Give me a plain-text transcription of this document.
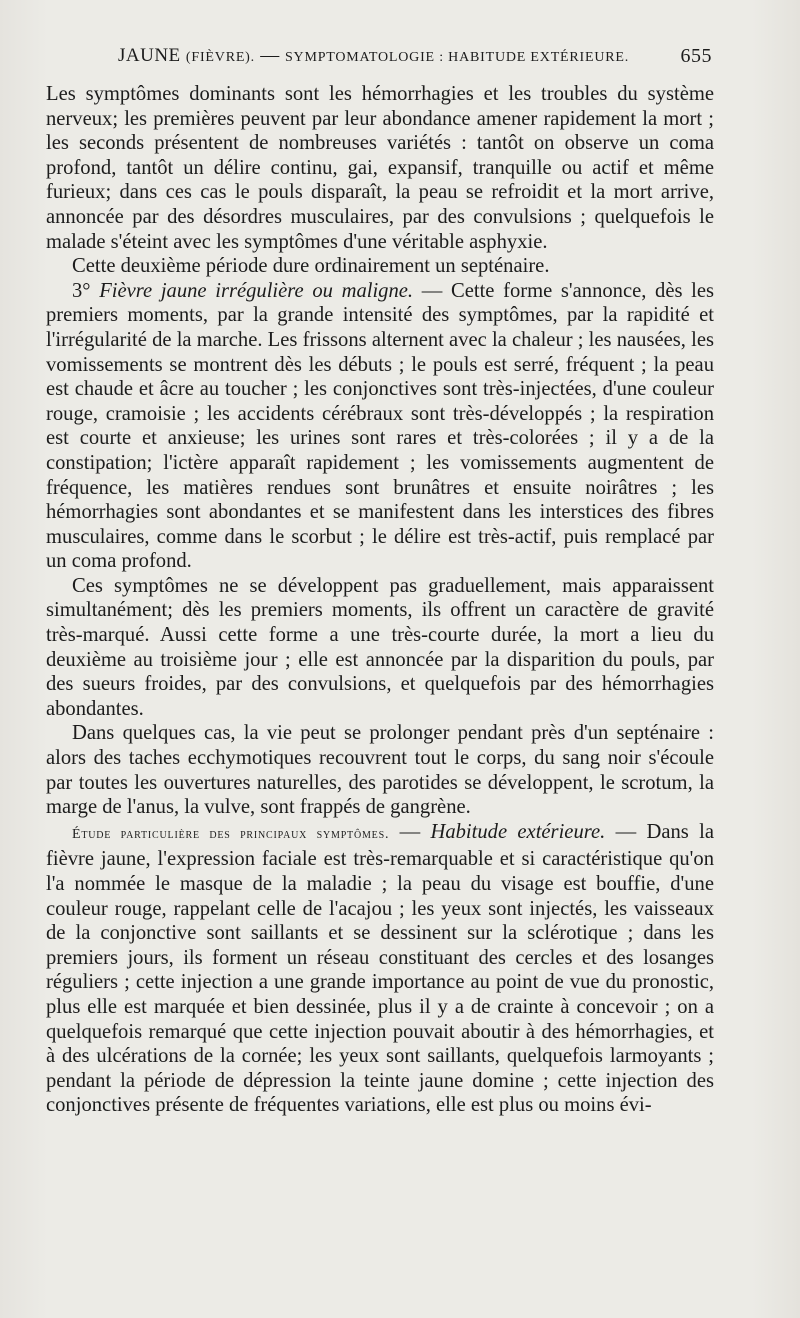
JAUNE (FIÈVRE). — SYMPTOMATOLOGIE : HABITUDE EXTÉRIEURE.	655

Les symptômes dominants sont les hémorrhagies et les troubles du système nerveux; les premières peuvent par leur abondance amener rapidement la mort ; les seconds présentent de nombreuses variétés : tantôt on observe un coma profond, tantôt un délire continu, gai, expansif, tranquille ou actif et même furieux; dans ces cas le pouls disparaît, la peau se refroidit et la mort arrive, annoncée par des désordres musculaires, par des convulsions ; quelquefois le malade s'éteint avec les symptômes d'une véritable asphyxie.

Cette deuxième période dure ordinairement un septénaire.

3° Fièvre jaune irrégulière ou maligne. — Cette forme s'annonce, dès les premiers moments, par la grande intensité des symptômes, par la rapidité et l'irrégularité de la marche. Les frissons alternent avec la chaleur ; les nausées, les vomissements se montrent dès les débuts ; le pouls est serré, fréquent ; la peau est chaude et âcre au toucher ; les conjonctives sont très-injectées, d'une couleur rouge, cramoisie ; les accidents cérébraux sont très-développés ; la respiration est courte et anxieuse; les urines sont rares et très-colorées ; il y a de la constipation; l'ictère apparaît rapidement ; les vomissements augmentent de fréquence, les matières rendues sont brunâtres et ensuite noirâtres ; les hémorrhagies sont abondantes et se manifestent dans les interstices des fibres musculaires, comme dans le scorbut ; le délire est très-actif, puis remplacé par un coma profond.

Ces symptômes ne se développent pas graduellement, mais apparaissent simultanément; dès les premiers moments, ils offrent un caractère de gravité très-marqué. Aussi cette forme a une très-courte durée, la mort a lieu du deuxième au troisième jour ; elle est annoncée par la disparition du pouls, par des sueurs froides, par des convulsions, et quelquefois par des hémorrhagies abondantes.

Dans quelques cas, la vie peut se prolonger pendant près d'un septénaire : alors des taches ecchymotiques recouvrent tout le corps, du sang noir s'écoule par toutes les ouvertures naturelles, des parotides se développent, le scrotum, la marge de l'anus, la vulve, sont frappés de gangrène.

Étude particulière des principaux symptômes. — Habitude extérieure. — Dans la fièvre jaune, l'expression faciale est très-remarquable et si caractéristique qu'on l'a nommée le masque de la maladie ; la peau du visage est bouffie, d'une couleur rouge, rappelant celle de l'acajou ; les yeux sont injectés, les vaisseaux de la conjonctive sont saillants et se dessinent sur la sclérotique ; dans les premiers jours, ils forment un réseau constituant des cercles et des losanges réguliers ; cette injection a une grande importance au point de vue du pronostic, plus elle est marquée et bien dessinée, plus il y a de crainte à concevoir ; on a quelquefois remarqué que cette injection pouvait aboutir à des hémorrhagies, et à des ulcérations de la cornée; les yeux sont saillants, quelquefois larmoyants ; pendant la période de dépression la teinte jaune domine ; cette injection des conjonctives présente de fréquentes variations, elle est plus ou moins évi-
